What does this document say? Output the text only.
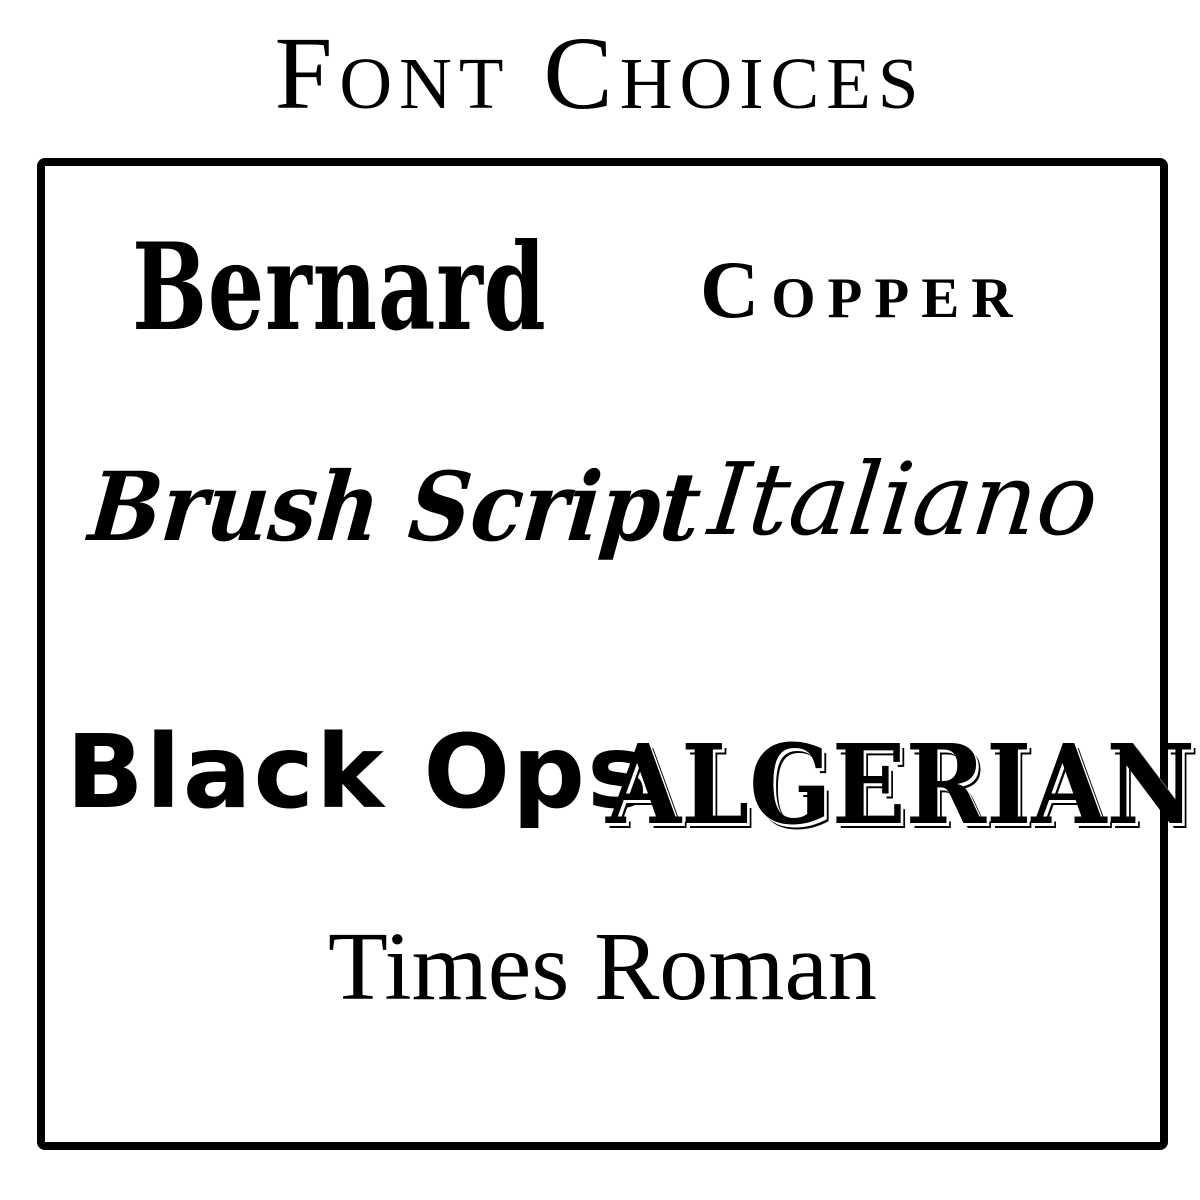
Font Choices
Bernard Copper
Brush Script
Italiano
Black Ops
ALGERIAN
Times Roman
